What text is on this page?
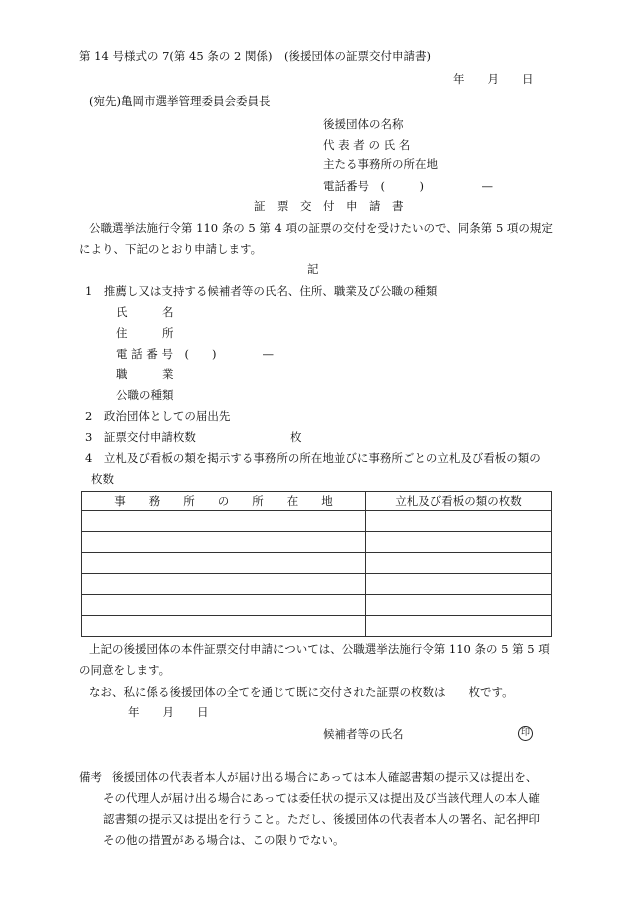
第 14 号様式の 7(第 45 条の 2 関係)　(後援団体の証票交付申請書)
年　　月　　日
(宛先)亀岡市選挙管理委員会委員長
後援団体の名称
代 表 者 の 氏 名
主たる事務所の所在地
電話番号　(　　　)　　　　　—
証　票　交　付　申　請　書
公職選挙法施行令第 110 条の 5 第 4 項の証票の交付を受けたいので、同条第 5 項の規定
により、下記のとおり申請します。
記
1　推薦し又は支持する候補者等の氏名、住所、職業及び公職の種類
氏　　　名
住　　　所
電 話 番 号　(　　)　　　　—
職　　　業
公職の種類
2　政治団体としての届出先
3　証票交付申請枚数	枚
4　立札及び看板の類を掲示する事務所の所在地並びに事務所ごとの立札及び看板の類の
枚数
事　　務　　所　　の　　所　　在　　地	立札及び看板の類の枚数

上記の後援団体の本件証票交付申請については、公職選挙法施行令第 110 条の 5 第 5 項
の同意をします。
なお、私に係る後援団体の全てを通じて既に交付された証票の枚数は　　枚です。
年　　月　　日
候補者等の氏名	印
備考 後援団体の代表者本人が届け出る場合にあっては本人確認書類の提示又は提出を、
その代理人が届け出る場合にあっては委任状の提示又は提出及び当該代理人の本人確
認書類の提示又は提出を行うこと。ただし、後援団体の代表者本人の署名、記名押印
その他の措置がある場合は、この限りでない。
